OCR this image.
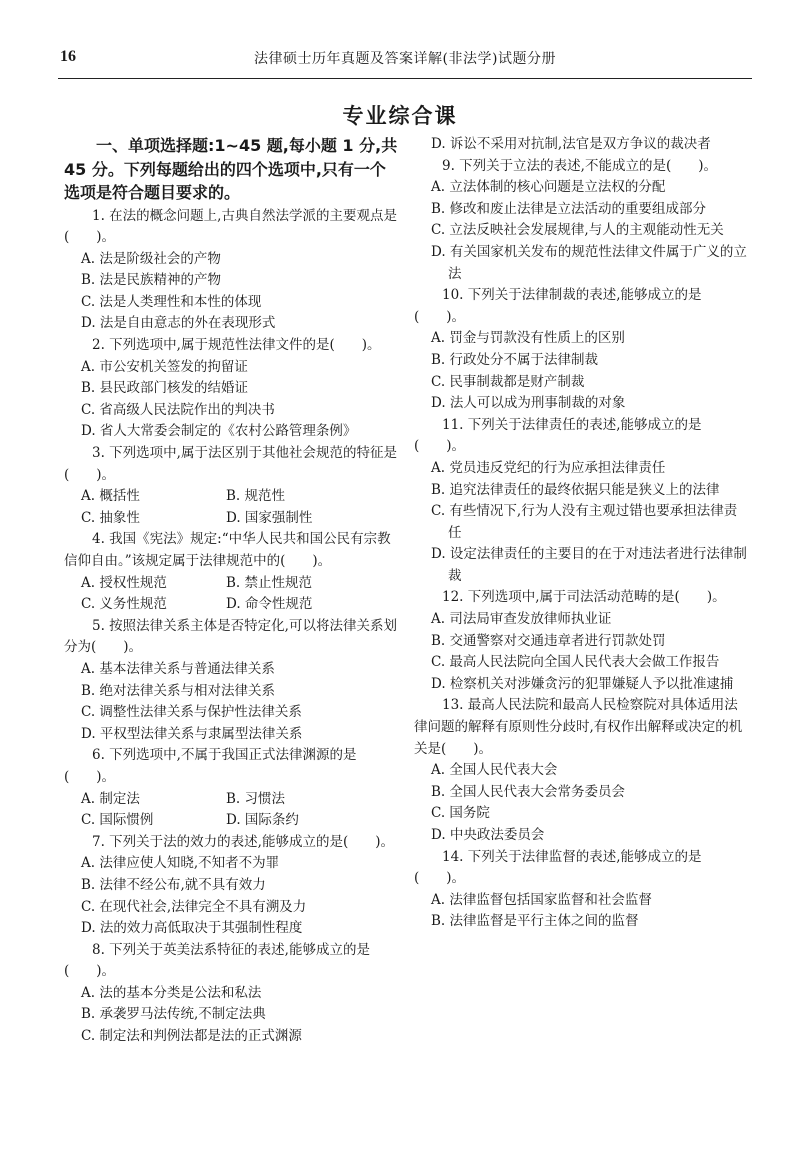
16	法律硕士历年真题及答案详解(非法学)试题分册
专业综合课

一、单项选择题:1~45 题,每小题 1 分,共 45 分。下列每题给出的四个选项中,只有一个选项是符合题目要求的。

1. 在法的概念问题上,古典自然法学派的主要观点是(　　)。

A. 法是阶级社会的产物

B. 法是民族精神的产物

C. 法是人类理性和本性的体现

D. 法是自由意志的外在表现形式

2. 下列选项中,属于规范性法律文件的是(　　)。

A. 市公安机关签发的拘留证

B. 县民政部门核发的结婚证

C. 省高级人民法院作出的判决书

D. 省人大常委会制定的《农村公路管理条例》

3. 下列选项中,属于法区别于其他社会规范的特征是(　　)。

A. 概括性	B. 规范性
C. 抽象性	D. 国家强制性

4. 我国《宪法》规定:“中华人民共和国公民有宗教信仰自由。”该规定属于法律规范中的(　　)。

A. 授权性规范	B. 禁止性规范
C. 义务性规范	D. 命令性规范

5. 按照法律关系主体是否特定化,可以将法律关系划分为(　　)。

A. 基本法律关系与普通法律关系

B. 绝对法律关系与相对法律关系

C. 调整性法律关系与保护性法律关系

D. 平权型法律关系与隶属型法律关系

6. 下列选项中,不属于我国正式法律渊源的是(　　)。

A. 制定法	B. 习惯法
C. 国际惯例	D. 国际条约

7. 下列关于法的效力的表述,能够成立的是(　　)。

A. 法律应使人知晓,不知者不为罪

B. 法律不经公布,就不具有效力

C. 在现代社会,法律完全不具有溯及力

D. 法的效力高低取决于其强制性程度

8. 下列关于英美法系特征的表述,能够成立的是(　　)。

A. 法的基本分类是公法和私法

B. 承袭罗马法传统,不制定法典

C. 制定法和判例法都是法的正式渊源

D. 诉讼不采用对抗制,法官是双方争议的裁决者

9. 下列关于立法的表述,不能成立的是(　　)。

A. 立法体制的核心问题是立法权的分配

B. 修改和废止法律是立法活动的重要组成部分

C. 立法反映社会发展规律,与人的主观能动性无关

D. 有关国家机关发布的规范性法律文件属于广义的立法

10. 下列关于法律制裁的表述,能够成立的是(　　)。

A. 罚金与罚款没有性质上的区别

B. 行政处分不属于法律制裁

C. 民事制裁都是财产制裁

D. 法人可以成为刑事制裁的对象

11. 下列关于法律责任的表述,能够成立的是(　　)。

A. 党员违反党纪的行为应承担法律责任

B. 追究法律责任的最终依据只能是狭义上的法律

C. 有些情况下,行为人没有主观过错也要承担法律责任

D. 设定法律责任的主要目的在于对违法者进行法律制裁

12. 下列选项中,属于司法活动范畴的是(　　)。

A. 司法局审查发放律师执业证

B. 交通警察对交通违章者进行罚款处罚

C. 最高人民法院向全国人民代表大会做工作报告

D. 检察机关对涉嫌贪污的犯罪嫌疑人予以批准逮捕

13. 最高人民法院和最高人民检察院对具体适用法律问题的解释有原则性分歧时,有权作出解释或决定的机关是(　　)。

A. 全国人民代表大会

B. 全国人民代表大会常务委员会

C. 国务院

D. 中央政法委员会

14. 下列关于法律监督的表述,能够成立的是(　　)。

A. 法律监督包括国家监督和社会监督

B. 法律监督是平行主体之间的监督
